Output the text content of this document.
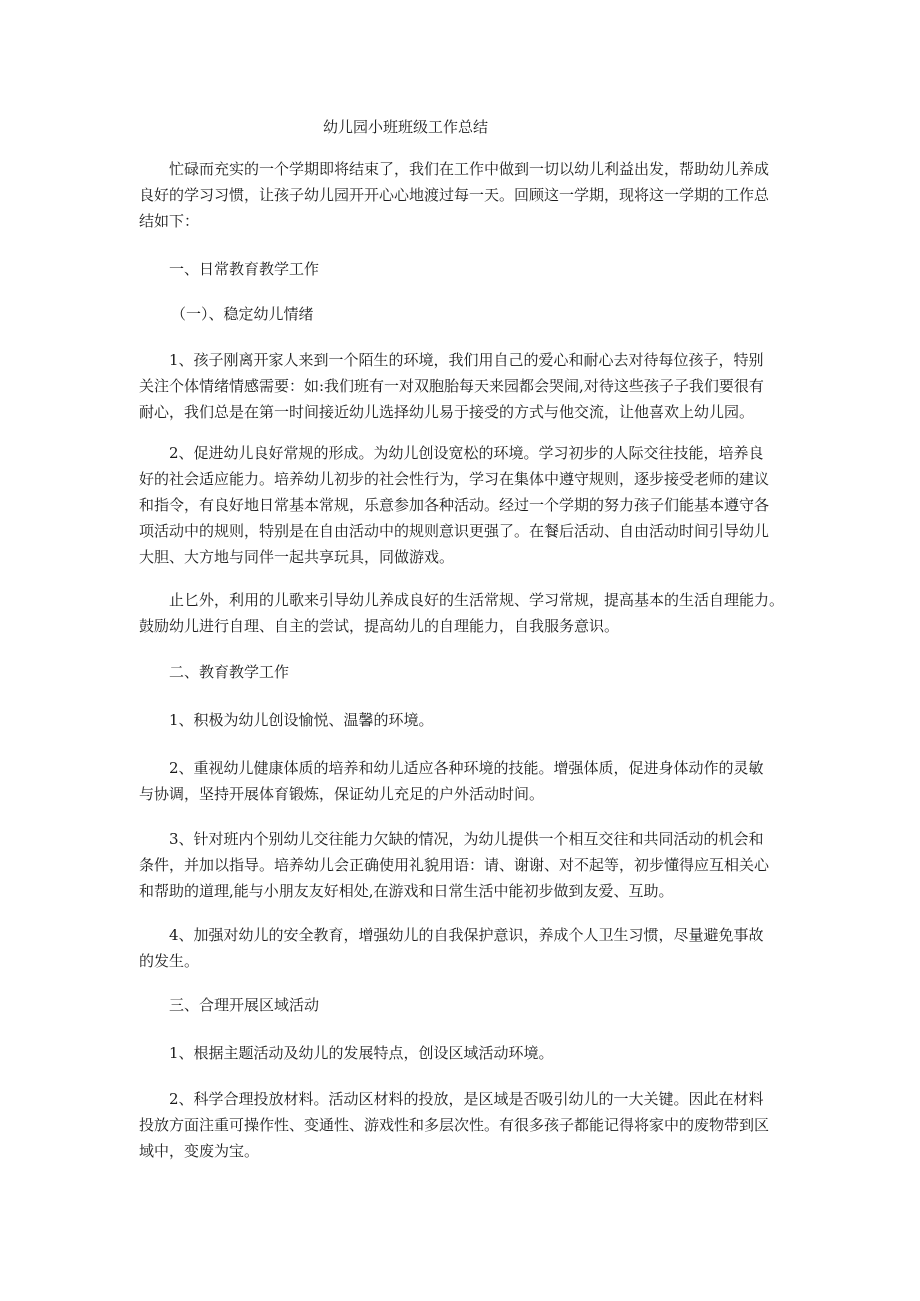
幼儿园小班班级工作总结
忙碌而充实的一个学期即将结束了，我们在工作中做到一切以幼儿利益出发，帮助幼儿养成
良好的学习习惯，让孩子幼儿园开开心心地渡过每一天。回顾这一学期，现将这一学期的工作总
结如下：
一、日常教育教学工作
（一）、稳定幼儿情绪
1、孩子刚离开家人来到一个陌生的环境，我们用自己的爱心和耐心去对待每位孩子，特别
关注个体情绪情感需要：如:我们班有一对双胞胎每天来园都会哭闹,对待这些孩子子我们要很有
耐心，我们总是在第一时间接近幼儿选择幼儿易于接受的方式与他交流，让他喜欢上幼儿园。
2、促进幼儿良好常规的形成。为幼儿创设宽松的环境。学习初步的人际交往技能，培养良
好的社会适应能力。培养幼儿初步的社会性行为，学习在集体中遵守规则，逐步接受老师的建议
和指令，有良好地日常基本常规，乐意参加各种活动。经过一个学期的努力孩子们能基本遵守各
项活动中的规则，特别是在自由活动中的规则意识更强了。在餐后活动、自由活动时间引导幼儿
大胆、大方地与同伴一起共享玩具，同做游戏。
止匕外，利用的儿歌来引导幼儿养成良好的生活常规、学习常规，提高基本的生活自理能力。
鼓励幼儿进行自理、自主的尝试，提高幼儿的自理能力，自我服务意识。
二、教育教学工作
1、积极为幼儿创设愉悦、温馨的环境。
2、重视幼儿健康体质的培养和幼儿适应各种环境的技能。增强体质，促进身体动作的灵敏
与协调，坚持开展体育锻炼，保证幼儿充足的户外活动时间。
3、针对班内个别幼儿交往能力欠缺的情况，为幼儿提供一个相互交往和共同活动的机会和
条件，并加以指导。培养幼儿会正确使用礼貌用语：请、谢谢、对不起等，初步懂得应互相关心
和帮助的道理,能与小朋友友好相处,在游戏和日常生活中能初步做到友爱、互助。
4、加强对幼儿的安全教育，增强幼儿的自我保护意识，养成个人卫生习惯，尽量避免事故
的发生。
三、合理开展区域活动
1、根据主题活动及幼儿的发展特点，创设区域活动环境。
2、科学合理投放材料。活动区材料的投放，是区域是否吸引幼儿的一大关键。因此在材料
投放方面注重可操作性、变通性、游戏性和多层次性。有很多孩子都能记得将家中的废物带到区
域中，变废为宝。
